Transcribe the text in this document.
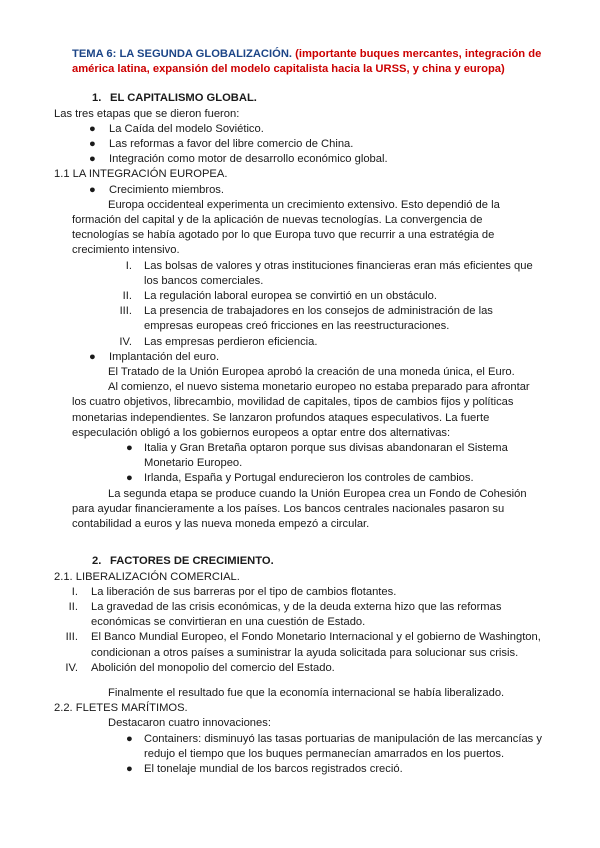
TEMA 6: LA SEGUNDA GLOBALIZACIÓN. (importante buques mercantes, integración de américa latina, expansión del modelo capitalista hacia la URSS, y china y europa)

1. EL CAPITALISMO GLOBAL.

Las tres etapas que se dieron fueron:

● La Caída del modelo Soviético.
● Las reformas a favor del libre comercio de China.
● Integración como motor de desarrollo económico global.

1.1 LA INTEGRACIÓN EUROPEA.

● Crecimiento miembros.

Europa occidenteal experimenta un crecimiento extensivo. Esto dependió de la formación del capital y de la aplicación de nuevas tecnologías. La convergencia de tecnologías se había agotado por lo que Europa tuvo que recurrir a una estratégia de crecimiento intensivo.

I. Las bolsas de valores y otras instituciones financieras eran más eficientes que los bancos comerciales.
II. La regulación laboral europea se convirtió en un obstáculo.
III. La presencia de trabajadores en los consejos de administración de las empresas europeas creó fricciones en las reestructuraciones.
IV. Las empresas perdieron eficiencia.
● Implantación del euro.

El Tratado de la Unión Europea aprobó la creación de una moneda única, el Euro.

Al comienzo, el nuevo sistema monetario europeo no estaba preparado para afrontar los cuatro objetivos, librecambio, movilidad de capitales, tipos de cambios fijos y políticas monetarias independientes. Se lanzaron profundos ataques especulativos. La fuerte especulación obligó a los gobiernos europeos a optar entre dos alternativas:

● Italia y Gran Bretaña optaron porque sus divisas abandonaran el Sistema Monetario Europeo.
● Irlanda, España y Portugal endurecieron los controles de cambios.

La segunda etapa se produce cuando la Unión Europea crea un Fondo de Cohesión para ayudar financieramente a los países. Los bancos centrales nacionales pasaron su contabilidad a euros y las nueva moneda empezó a circular.

2. FACTORES DE CRECIMIENTO.

2.1. LIBERALIZACIÓN COMERCIAL.

I. La liberación de sus barreras por el tipo de cambios flotantes.
II. La gravedad de las crisis económicas, y de la deuda externa hizo que las reformas económicas se convirtieran en una cuestión de Estado.
III. El Banco Mundial Europeo, el Fondo Monetario Internacional y el gobierno de Washington, condicionan a otros países a suministrar la ayuda solicitada para solucionar sus crisis.
IV. Abolición del monopolio del comercio del Estado.

Finalmente el resultado fue que la economía internacional se había liberalizado.

2.2. FLETES MARÍTIMOS.

Destacaron cuatro innovaciones:

● Containers: disminuyó las tasas portuarias de manipulación de las mercancías y redujo el tiempo que los buques permanecían amarrados en los puertos.
● El tonelaje mundial de los barcos registrados creció.
